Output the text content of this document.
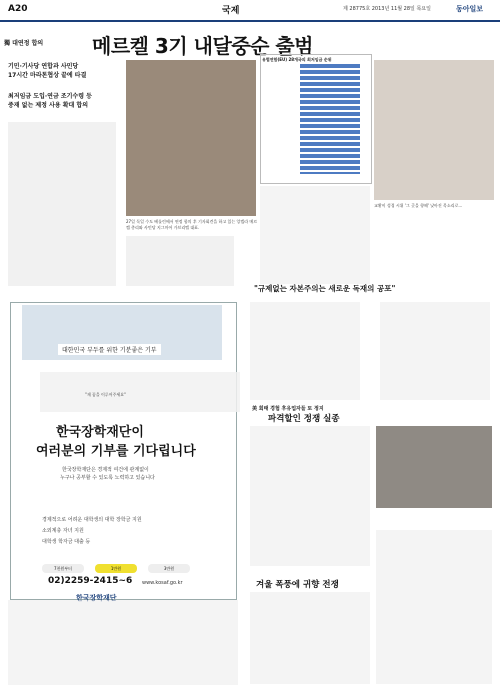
A20	국제	제 28775호 2013년 11월 28일 목요일	동아일보
獨 대연정 합의 메르켈 3기 내달중순 출범
기민·기사당 연합과 사민당
17시간 마라톤협상 끝에 타결
최저임금 도입·연금 조기수령 등
중재 없는 제정 사용 확대 합의
27일 독일 수도 베를린에서 연정 합의 후 기자회견을 하고 있는 앙겔라 메르켈 총리와 사민당 지그마어 가브리엘 대표.
유럽연합(EU) 28개국의 최저임금 순위
교황이 성경 시위 '그 곳을 향해' 낮아진 목소리로...
"규제없는 자본주의는 새로운 독재의 공포"
대한민국 부두를 위한 기분좋은 기부
"재 꿈을 이루어주세요"
한국장학재단이
여러분의 기부를 기다립니다
한국장학재단은 경제적 여건에 관계없이
누구나 공부할 수 있도록 노력하고 있습니다
경제적으로 어려운 대학생의 대학 장학금 지원
소외계층 자녀 지원
대학생 학자금 대출 등
7천원부터	1만원	3만원
02)2259-2415~6 www.kosaf.go.kr
한국장학재단
美 회태 경험 후유업자들 또 정지
파격할인 정쟁 실종
겨울 폭풍에 귀향 전쟁
